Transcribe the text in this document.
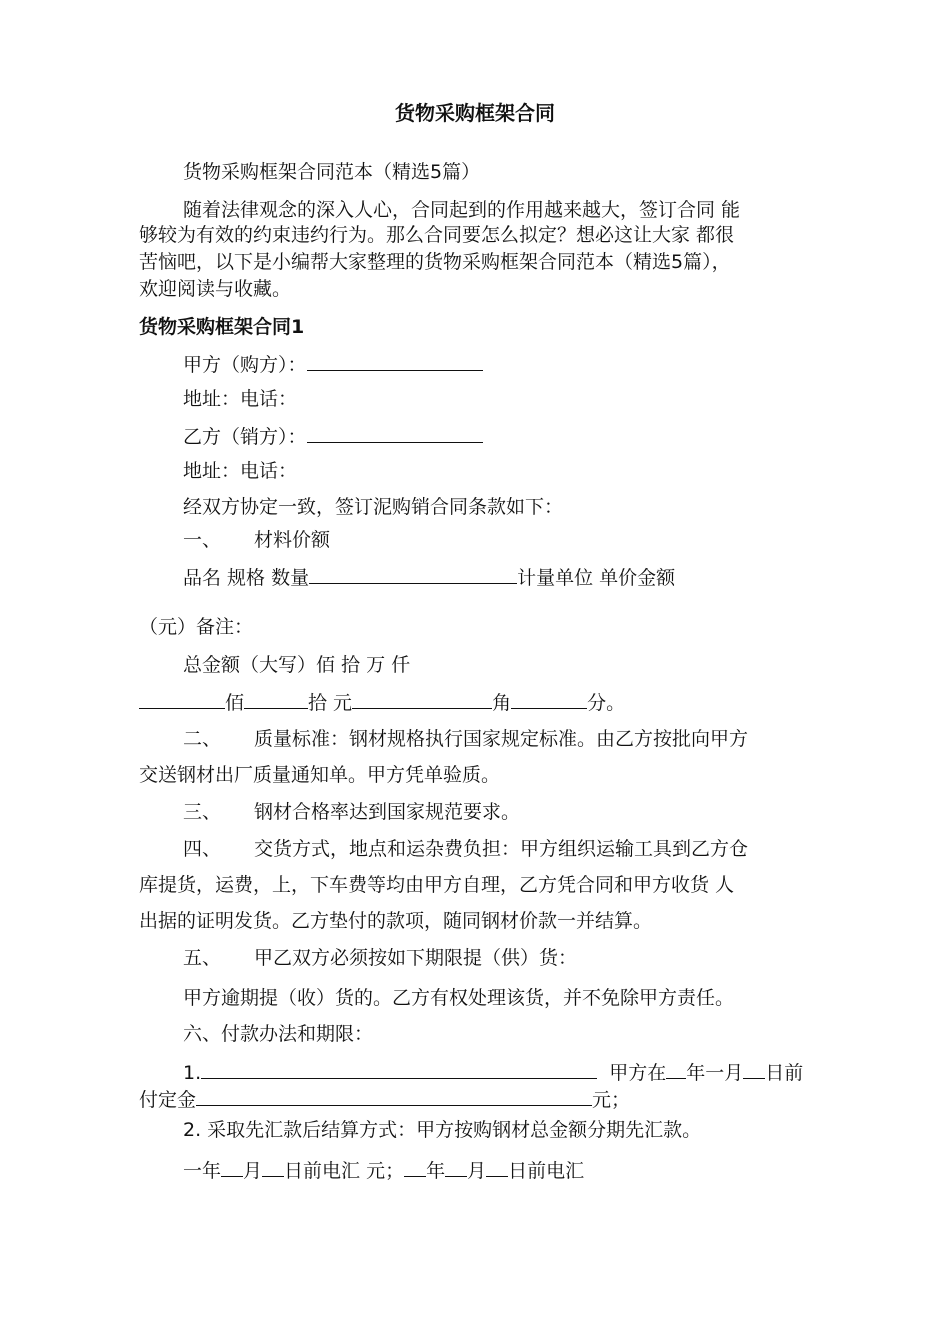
货物采购框架合同
货物采购框架合同范本（精选5篇）
随着法律观念的深入人心，合同起到的作用越来越大，签订合同 能
够较为有效的约束违约行为。那么合同要怎么拟定？想必这让大家 都很
苦恼吧，以下是小编帮大家整理的货物采购框架合同范本（精选5篇），
欢迎阅读与收藏。
货物采购框架合同1
甲方（购方）：
地址：电话：
乙方（销方）：
地址：电话：
经双方协定一致，签订泥购销合同条款如下：
一、 材料价额
品名 规格 数量	计量单位 单价金额
（元）备注：
总金额（大写）佰 拾 万 仟
佰	拾 元	角	分。
二、 质量标准：钢材规格执行国家规定标准。由乙方按批向甲方
交送钢材出厂质量通知单。甲方凭单验质。
三、 钢材合格率达到国家规范要求。
四、 交货方式，地点和运杂费负担：甲方组织运输工具到乙方仓
库提货，运费，上，下车费等均由甲方自理，乙方凭合同和甲方收货 人
出据的证明发货。乙方垫付的款项，随同钢材价款一并结算。
五、 甲乙双方必须按如下期限提（供）货：
甲方逾期提（收）货的。乙方有权处理该货，并不免除甲方责任。
六、付款办法和期限：
1.	甲方在 年一月 日前
付定金	元；
2. 采取先汇款后结算方式：甲方按购钢材总金额分期先汇款。
一年 月 日前电汇 元； 年 月 日前电汇
